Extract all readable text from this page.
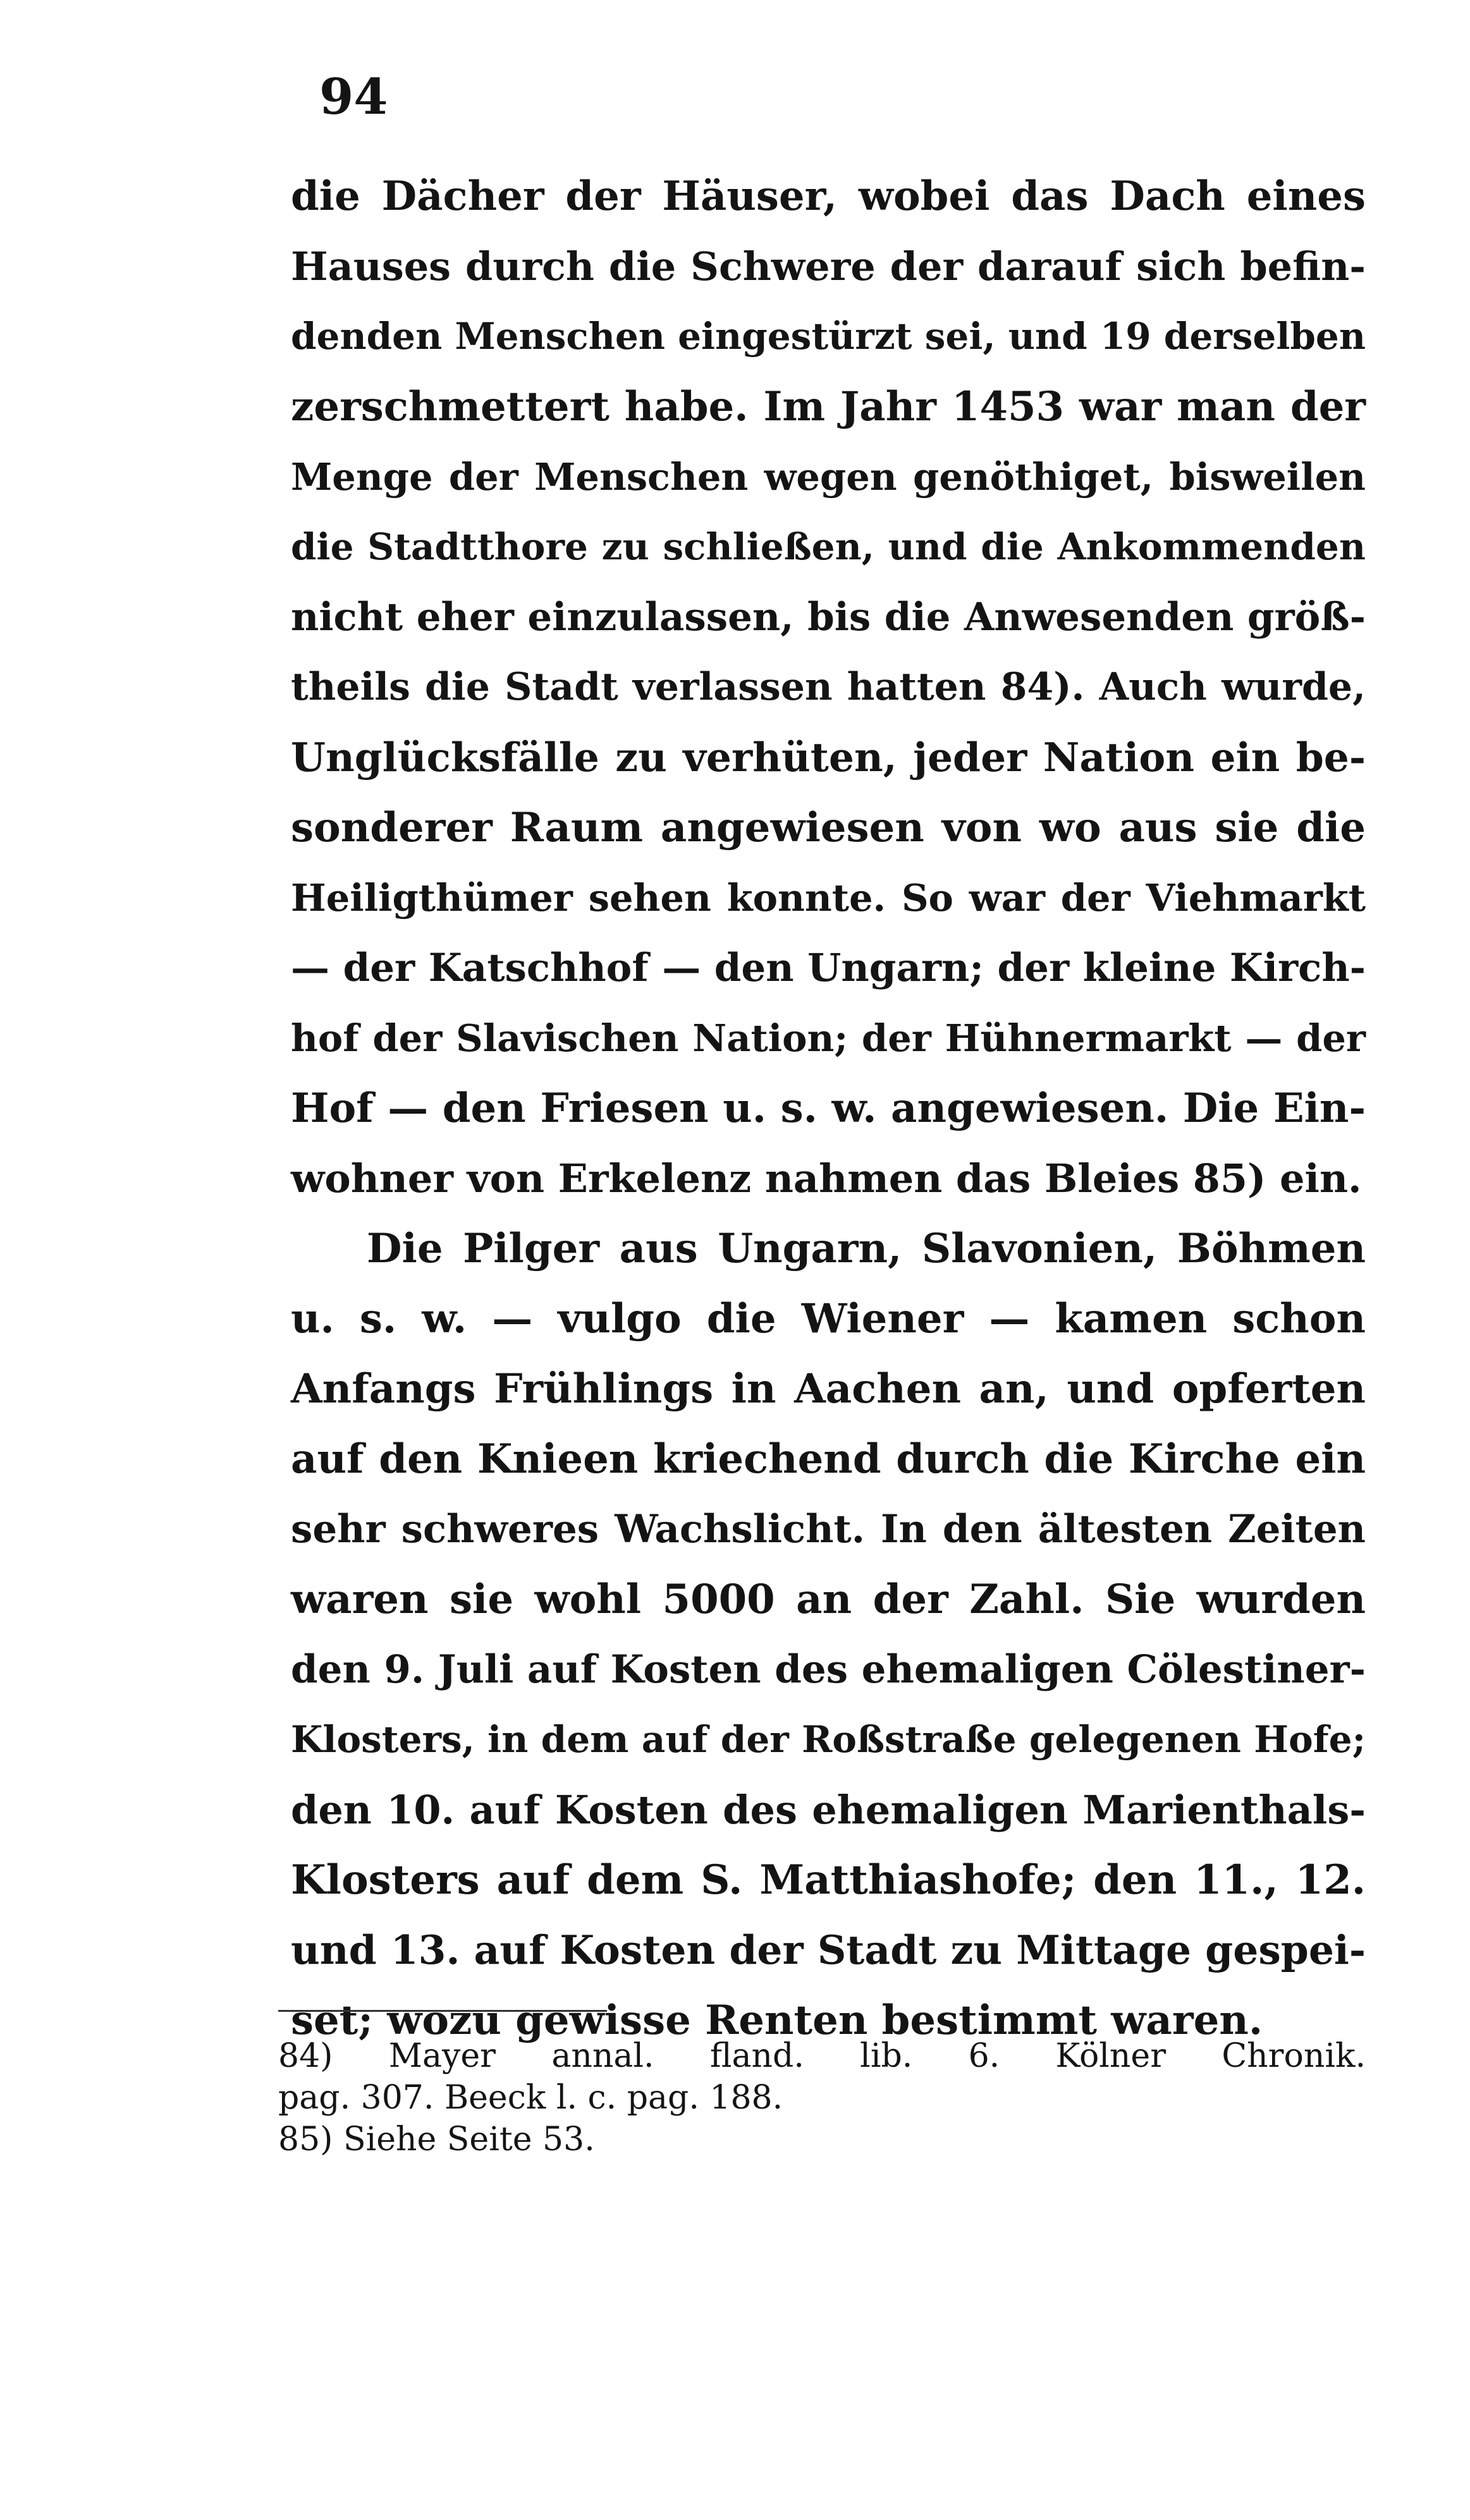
94
die Dächer der Häuser, wobei das Dach eines
Hauses durch die Schwere der darauf sich befin-
denden Menschen eingestürzt sei, und 19 derselben
zerschmettert habe. Im Jahr 1453 war man der
Menge der Menschen wegen genöthiget, bisweilen
die Stadtthore zu schließen, und die Ankommenden
nicht eher einzulassen, bis die Anwesenden größ-
theils die Stadt verlassen hatten 84). Auch wurde,
Unglücksfälle zu verhüten, jeder Nation ein be-
sonderer Raum angewiesen von wo aus sie die
Heiligthümer sehen konnte. So war der Viehmarkt
— der Katschhof — den Ungarn; der kleine Kirch-
hof der Slavischen Nation; der Hühnermarkt — der
Hof — den Friesen u. s. w. angewiesen. Die Ein-
wohner von Erkelenz nahmen das Bleies 85) ein.
Die Pilger aus Ungarn, Slavonien, Böhmen
u. s. w. — vulgo die Wiener — kamen schon
Anfangs Frühlings in Aachen an, und opferten
auf den Knieen kriechend durch die Kirche ein
sehr schweres Wachslicht. In den ältesten Zeiten
waren sie wohl 5000 an der Zahl. Sie wurden
den 9. Juli auf Kosten des ehemaligen Cölestiner-
Klosters, in dem auf der Roßstraße gelegenen Hofe;
den 10. auf Kosten des ehemaligen Marienthals-
Klosters auf dem S. Matthiashofe; den 11., 12.
und 13. auf Kosten der Stadt zu Mittage gespei-
set; wozu gewisse Renten bestimmt waren.
84) Mayer annal. fland. lib. 6. Kölner Chronik.
pag. 307. Beeck l. c. pag. 188.
85) Siehe Seite 53.
